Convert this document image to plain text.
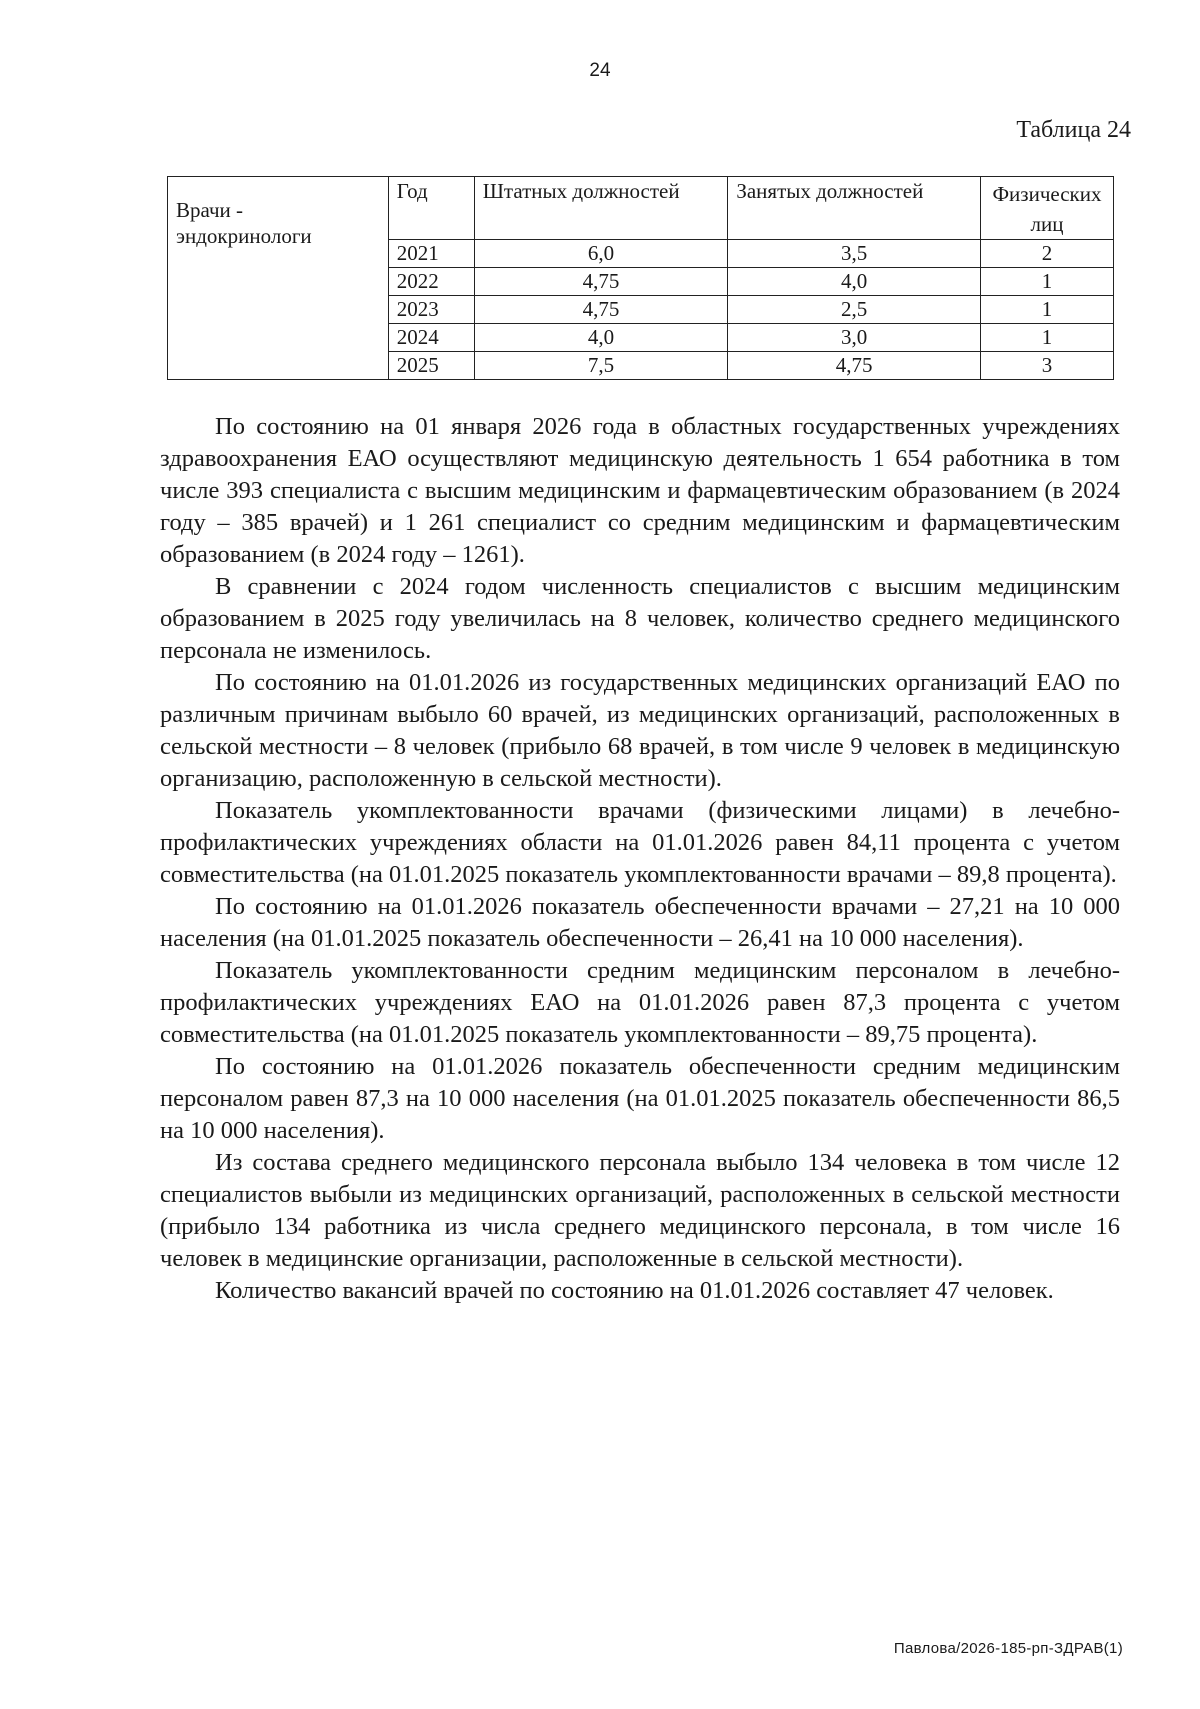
24
Таблица 24
Врачи - эндокринологи	Год	Штатных должностей	Занятых должностей	Физических лиц
	2021	6,0	3,5	2
	2022	4,75	4,0	1
	2023	4,75	2,5	1
	2024	4,0	3,0	1
	2025	7,5	4,75	3

По состоянию на 01 января 2026 года в областных государственных учреждениях здравоохранения ЕАО осуществляют медицинскую деятельность 1 654 работника в том числе 393 специалиста с высшим медицинским и фармацевтическим образованием (в 2024 году – 385 врачей) и 1 261 специалист со средним медицинским и фармацевтическим образованием (в 2024 году – 1261).

В сравнении с 2024 годом численность специалистов с высшим медицинским образованием в 2025 году увеличилась на 8 человек, количество среднего медицинского персонала не изменилось.

По состоянию на 01.01.2026 из государственных медицинских организаций ЕАО по различным причинам выбыло 60 врачей, из медицинских организаций, расположенных в сельской местности – 8 человек (прибыло 68 врачей, в том числе 9 человек в медицинскую организацию, расположенную в сельской местности).

Показатель укомплектованности врачами (физическими лицами) в лечебно-профилактических учреждениях области на 01.01.2026 равен 84,11 процента с учетом совместительства (на 01.01.2025 показатель укомплектованности врачами – 89,8 процента).

По состоянию на 01.01.2026 показатель обеспеченности врачами – 27,21 на 10 000 населения (на 01.01.2025 показатель обеспеченности – 26,41 на 10 000 населения).

Показатель укомплектованности средним медицинским персоналом в лечебно-профилактических учреждениях ЕАО на 01.01.2026 равен 87,3 процента с учетом совместительства (на 01.01.2025 показатель укомплектованности – 89,75 процента).

По состоянию на 01.01.2026 показатель обеспеченности средним медицинским персоналом равен 87,3 на 10 000 населения (на 01.01.2025 показатель обеспеченности 86,5 на 10 000 населения).

Из состава среднего медицинского персонала выбыло 134 человека в том числе 12 специалистов выбыли из медицинских организаций, расположенных в сельской местности (прибыло 134 работника из числа среднего медицинского персонала, в том числе 16 человек в медицинские организации, расположенные в сельской местности).

Количество вакансий врачей по состоянию на 01.01.2026 составляет 47 человек.

Павлова/2026-185-рп-ЗДРАВ(1)
